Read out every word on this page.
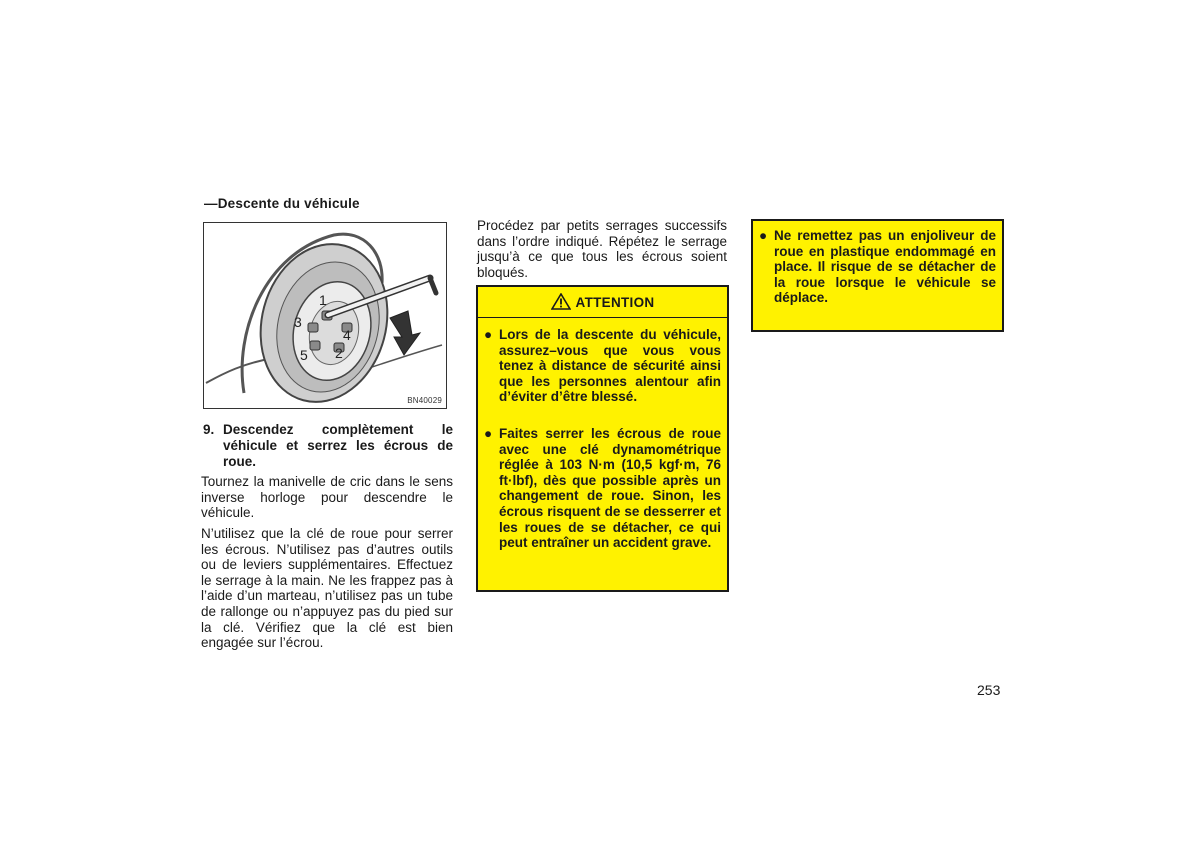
—Descente du véhicule
1
2
3
4
5
BN40029
9. Descendez complètement le véhicule et serrez les écrous de roue.
Tournez la manivelle de cric dans le sens inverse horloge pour descendre le véhicule.
N’utilisez que la clé de roue pour serrer les écrous. N’utilisez pas d’autres outils ou de leviers supplémentaires. Effectuez le serrage à la main. Ne les frappez pas à l’aide d’un marteau, n’utilisez pas un tube de rallonge ou n’appuyez pas du pied sur la clé. Vérifiez que la clé est bien engagée sur l’écrou.
Procédez par petits serrages successifs dans l’ordre indiqué. Répétez le serrage jusqu’à ce que tous les écrous soient bloqués.
ATTENTION
● Lors de la descente du véhicule, assurez–vous que vous vous tenez à distance de sécurité ainsi que les personnes alentour afin d’éviter d’être blessé.
● Faites serrer les écrous de roue avec une clé dynamométrique réglée à 103 N·m (10,5 kgf·m, 76 ft·lbf), dès que possible après un changement de roue. Sinon, les écrous risquent de se desserrer et les roues de se détacher, ce qui peut entraîner un accident grave.
● Ne remettez pas un enjoliveur de roue en plastique endommagé en place. Il risque de se détacher de la roue lorsque le véhicule se déplace.
253
